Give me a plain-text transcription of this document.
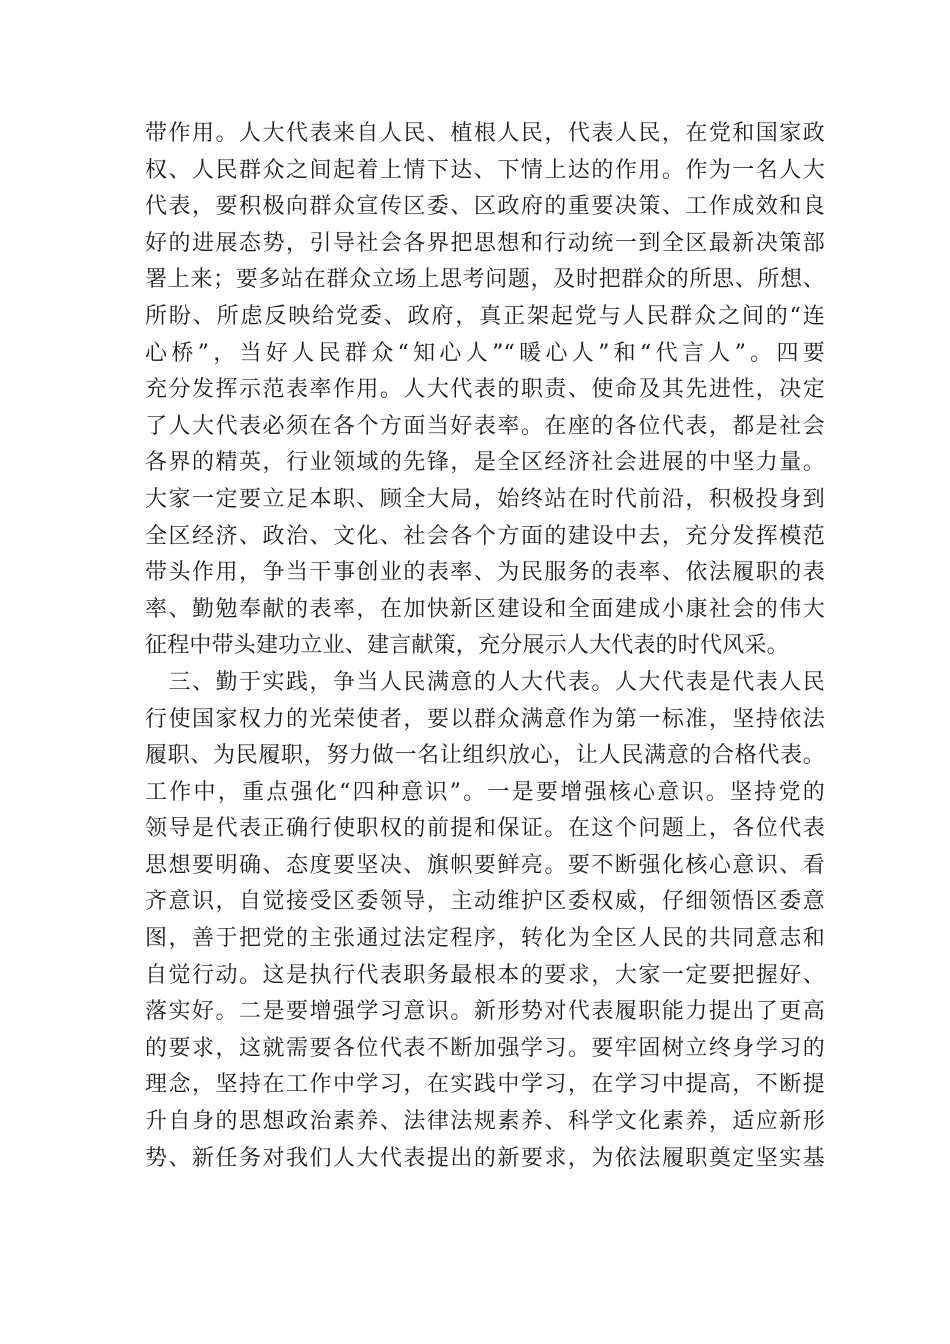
带作用。人大代表来自人民、植根人民，代表人民，在党和国家政
权、人民群众之间起着上情下达、下情上达的作用。作为一名人大
代表，要积极向群众宣传区委、区政府的重要决策、工作成效和良
好的进展态势，引导社会各界把思想和行动统一到全区最新决策部
署上来；要多站在群众立场上思考问题，及时把群众的所思、所想、
所盼、所虑反映给党委、政府，真正架起党与人民群众之间的“连
心桥”，当好人民群众“知心人”“暖心人”和“代言人”。四要
充分发挥示范表率作用。人大代表的职责、使命及其先进性，决定
了人大代表必须在各个方面当好表率。在座的各位代表，都是社会
各界的精英，行业领域的先锋，是全区经济社会进展的中坚力量。
大家一定要立足本职、顾全大局，始终站在时代前沿，积极投身到
全区经济、政治、文化、社会各个方面的建设中去，充分发挥模范
带头作用，争当干事创业的表率、为民服务的表率、依法履职的表
率、勤勉奉献的表率，在加快新区建设和全面建成小康社会的伟大
征程中带头建功立业、建言献策，充分展示人大代表的时代风采。
　三、勤于实践，争当人民满意的人大代表。人大代表是代表人民
行使国家权力的光荣使者，要以群众满意作为第一标准，坚持依法
履职、为民履职，努力做一名让组织放心，让人民满意的合格代表。
工作中，重点强化“四种意识”。一是要增强核心意识。坚持党的
领导是代表正确行使职权的前提和保证。在这个问题上，各位代表
思想要明确、态度要坚决、旗帜要鲜亮。要不断强化核心意识、看
齐意识，自觉接受区委领导，主动维护区委权威，仔细领悟区委意
图，善于把党的主张通过法定程序，转化为全区人民的共同意志和
自觉行动。这是执行代表职务最根本的要求，大家一定要把握好、
落实好。二是要增强学习意识。新形势对代表履职能力提出了更高
的要求，这就需要各位代表不断加强学习。要牢固树立终身学习的
理念，坚持在工作中学习，在实践中学习，在学习中提高，不断提
升自身的思想政治素养、法律法规素养、科学文化素养，适应新形
势、新任务对我们人大代表提出的新要求，为依法履职奠定坚实基
